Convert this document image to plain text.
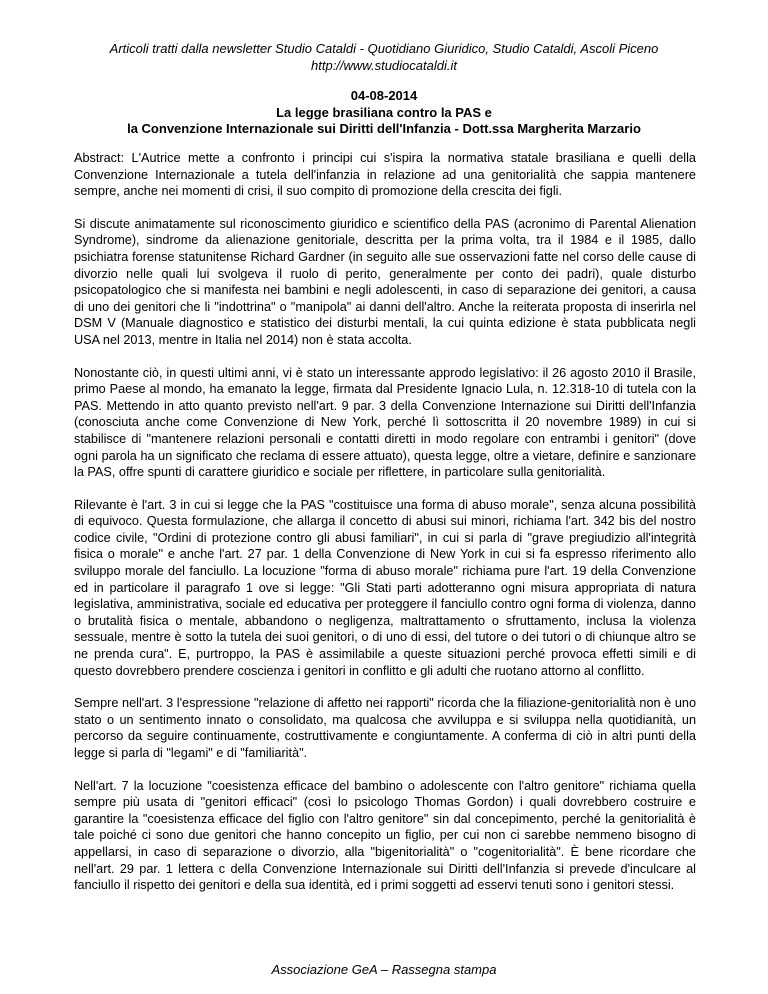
Articoli tratti dalla newsletter Studio Cataldi - Quotidiano Giuridico, Studio Cataldi, Ascoli Piceno
http://www.studiocataldi.it
04-08-2014
La legge brasiliana contro la PAS e
la Convenzione Internazionale sui Diritti dell'Infanzia - Dott.ssa Margherita Marzario

Abstract: L'Autrice mette a confronto i principi cui s'ispira la normativa statale brasiliana e quelli della Convenzione Internazionale a tutela dell'infanzia in relazione ad una genitorialità che sappia mantenere sempre, anche nei momenti di crisi, il suo compito di promozione della crescita dei figli.

Si discute animatamente sul riconoscimento giuridico e scientifico della PAS (acronimo di Parental Alienation Syndrome), sindrome da alienazione genitoriale, descritta per la prima volta, tra il 1984 e il 1985, dallo psichiatra forense statunitense Richard Gardner (in seguito alle sue osservazioni fatte nel corso delle cause di divorzio nelle quali lui svolgeva il ruolo di perito, generalmente per conto dei padri), quale disturbo psicopatologico che si manifesta nei bambini e negli adolescenti, in caso di separazione dei genitori, a causa di uno dei genitori che li "indottrina" o "manipola" ai danni dell'altro. Anche la reiterata proposta di inserirla nel DSM V (Manuale diagnostico e statistico dei disturbi mentali, la cui quinta edizione è stata pubblicata negli USA nel 2013, mentre in Italia nel 2014) non è stata accolta.

Nonostante ciò, in questi ultimi anni, vi è stato un interessante approdo legislativo: il 26 agosto 2010 il Brasile, primo Paese al mondo, ha emanato la legge, firmata dal Presidente Ignacio Lula, n. 12.318-10 di tutela con la PAS. Mettendo in atto quanto previsto nell'art. 9 par. 3 della Convenzione Internazione sui Diritti dell'Infanzia (conosciuta anche come Convenzione di New York, perché lì sottoscritta il 20 novembre 1989) in cui si stabilisce di "mantenere relazioni personali e contatti diretti in modo regolare con entrambi i genitori" (dove ogni parola ha un significato che reclama di essere attuato), questa legge, oltre a vietare, definire e sanzionare la PAS, offre spunti di carattere giuridico e sociale per riflettere, in particolare sulla genitorialità.

Rilevante è l'art. 3 in cui si legge che la PAS "costituisce una forma di abuso morale", senza alcuna possibilità di equivoco. Questa formulazione, che allarga il concetto di abusi sui minori, richiama l'art. 342 bis del nostro codice civile, "Ordini di protezione contro gli abusi familiari", in cui si parla di "grave pregiudizio all'integrità fisica o morale" e anche l'art. 27 par. 1 della Convenzione di New York in cui si fa espresso riferimento allo sviluppo morale del fanciullo. La locuzione "forma di abuso morale" richiama pure l'art. 19 della Convenzione ed in particolare il paragrafo 1 ove si legge: "Gli Stati parti adotteranno ogni misura appropriata di natura legislativa, amministrativa, sociale ed educativa per proteggere il fanciullo contro ogni forma di violenza, danno o brutalità fisica o mentale, abbandono o negligenza, maltrattamento o sfruttamento, inclusa la violenza sessuale, mentre è sotto la tutela dei suoi genitori, o di uno di essi, del tutore o dei tutori o di chiunque altro se ne prenda cura". E, purtroppo, la PAS è assimilabile a queste situazioni perché provoca effetti simili e di questo dovrebbero prendere coscienza i genitori in conflitto e gli adulti che ruotano attorno al conflitto.

Sempre nell'art. 3 l'espressione "relazione di affetto nei rapporti" ricorda che la filiazione-genitorialità non è uno stato o un sentimento innato o consolidato, ma qualcosa che avviluppa e si sviluppa nella quotidianità, un percorso da seguire continuamente, costruttivamente e congiuntamente. A conferma di ciò in altri punti della legge si parla di "legami" e di "familiarità".

Nell'art. 7 la locuzione "coesistenza efficace del bambino o adolescente con l'altro genitore" richiama quella sempre più usata di "genitori efficaci" (così lo psicologo Thomas Gordon) i quali dovrebbero costruire e garantire la "coesistenza efficace del figlio con l'altro genitore" sin dal concepimento, perché la genitorialità è tale poiché ci sono due genitori che hanno concepito un figlio, per cui non ci sarebbe nemmeno bisogno di appellarsi, in caso di separazione o divorzio, alla "bigenitorialità" o "cogenitorialità". È bene ricordare che nell'art. 29 par. 1 lettera c della Convenzione Internazionale sui Diritti dell'Infanzia si prevede d'inculcare al fanciullo il rispetto dei genitori e della sua identità, ed i primi soggetti ad esservi tenuti sono i genitori stessi.

Associazione GeA – Rassegna stampa
